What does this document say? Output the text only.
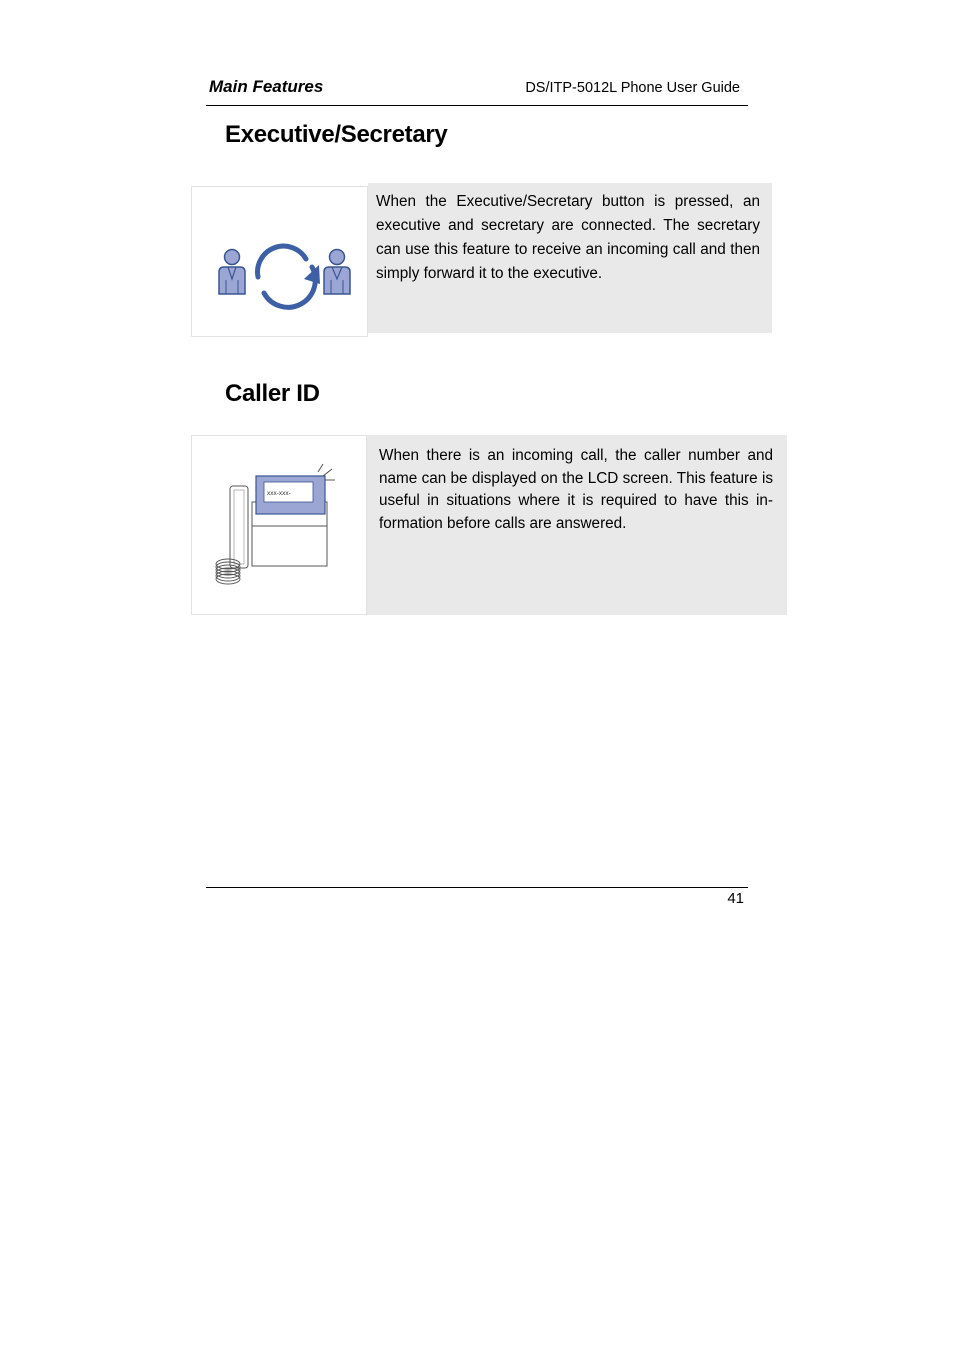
Main Features	DS/ITP-5012L Phone User Guide
Executive/Secretary
When the Executive/Secretary button is pressed, an executive and secretary are connected. The secretary can use this feature to receive an incoming call and then simply forward it to the executive.
Caller ID
xxx-xxx-
When there is an incoming call, the caller number and name can be displayed on the LCD screen. This feature is useful in situations where it is required to have this in-formation before calls are answered.
41
